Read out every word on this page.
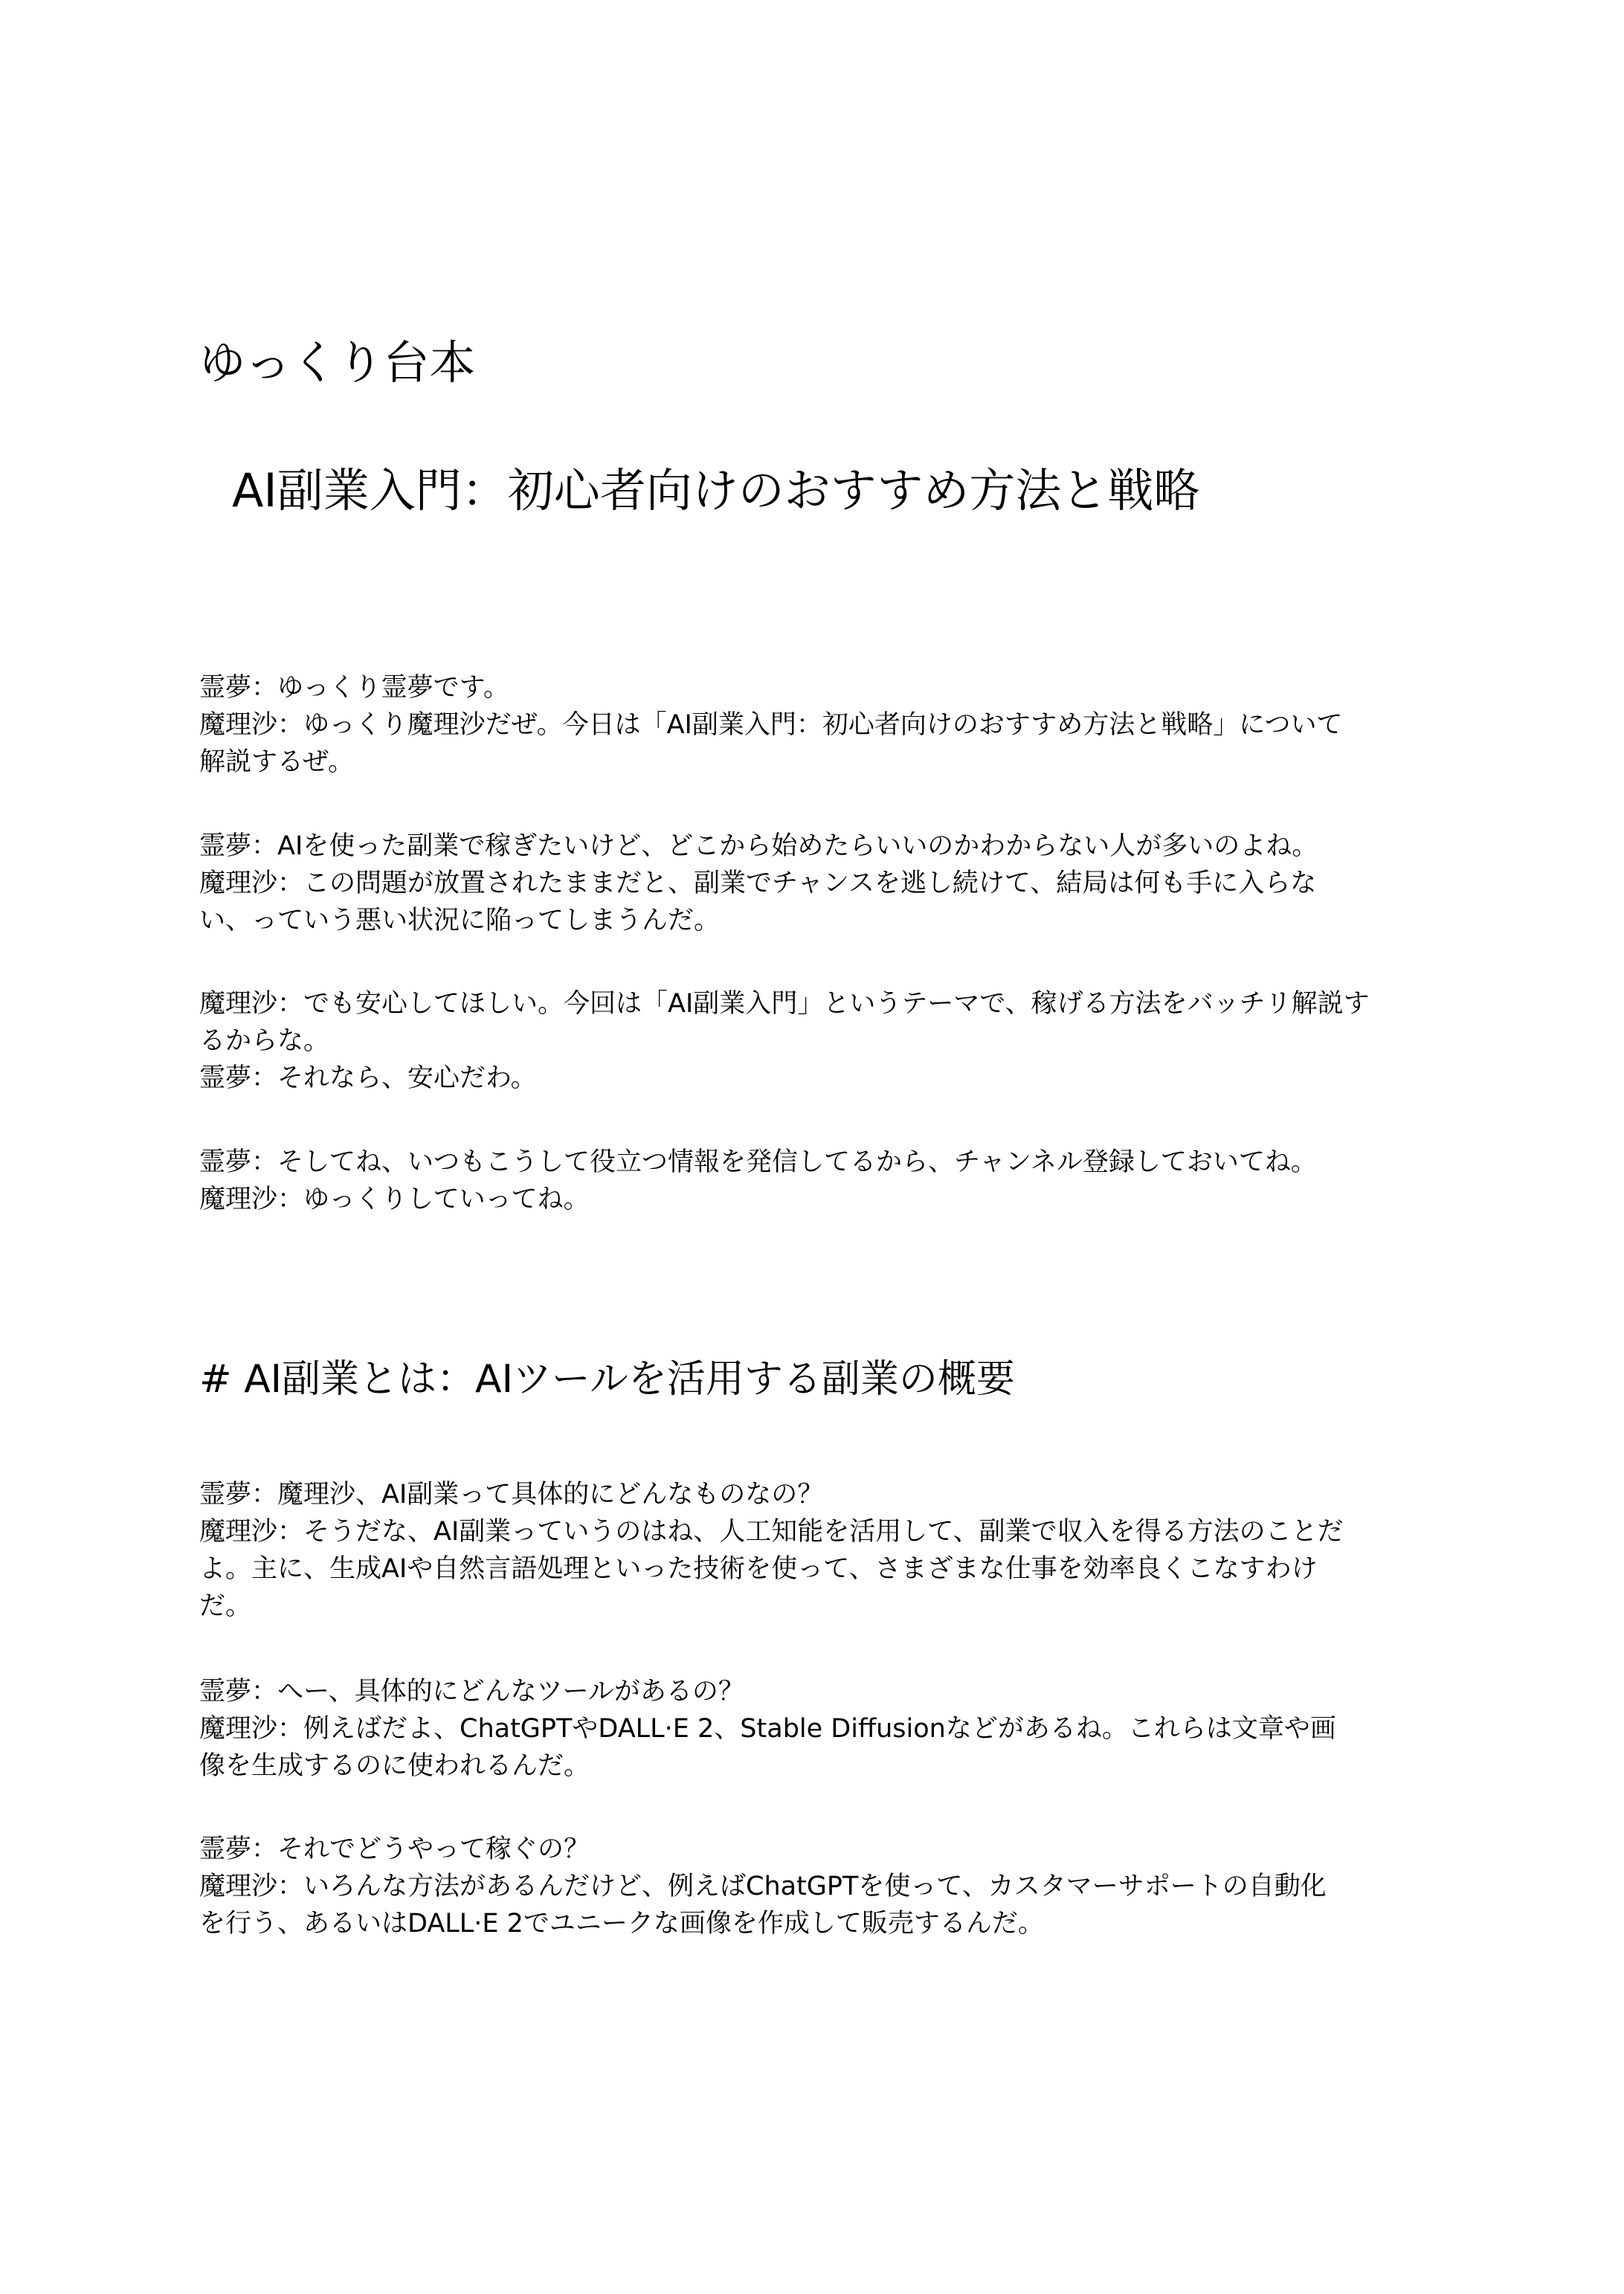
ゆっくり台本
AI副業入門：初心者向けのおすすめ方法と戦略
霊夢：ゆっくり霊夢です。
魔理沙：ゆっくり魔理沙だぜ。今日は「AI副業入門：初心者向けのおすすめ方法と戦略」について
解説するぜ。
霊夢：AIを使った副業で稼ぎたいけど、どこから始めたらいいのかわからない人が多いのよね。
魔理沙：この問題が放置されたままだと、副業でチャンスを逃し続けて、結局は何も手に入らな
い、っていう悪い状況に陥ってしまうんだ。
魔理沙：でも安心してほしい。今回は「AI副業入門」というテーマで、稼げる方法をバッチリ解説す
るからな。
霊夢：それなら、安心だわ。
霊夢：そしてね、いつもこうして役立つ情報を発信してるから、チャンネル登録しておいてね。
魔理沙：ゆっくりしていってね。
# AI副業とは：AIツールを活用する副業の概要
霊夢：魔理沙、AI副業って具体的にどんなものなの？
魔理沙：そうだな、AI副業っていうのはね、人工知能を活用して、副業で収入を得る方法のことだ
よ。主に、生成AIや自然言語処理といった技術を使って、さまざまな仕事を効率良くこなすわけ
だ。
霊夢：へー、具体的にどんなツールがあるの？
魔理沙：例えばだよ、ChatGPTやDALL·E 2、Stable Diffusionなどがあるね。これらは文章や画
像を生成するのに使われるんだ。
霊夢：それでどうやって稼ぐの？
魔理沙：いろんな方法があるんだけど、例えばChatGPTを使って、カスタマーサポートの自動化
を行う、あるいはDALL·E 2でユニークな画像を作成して販売するんだ。
